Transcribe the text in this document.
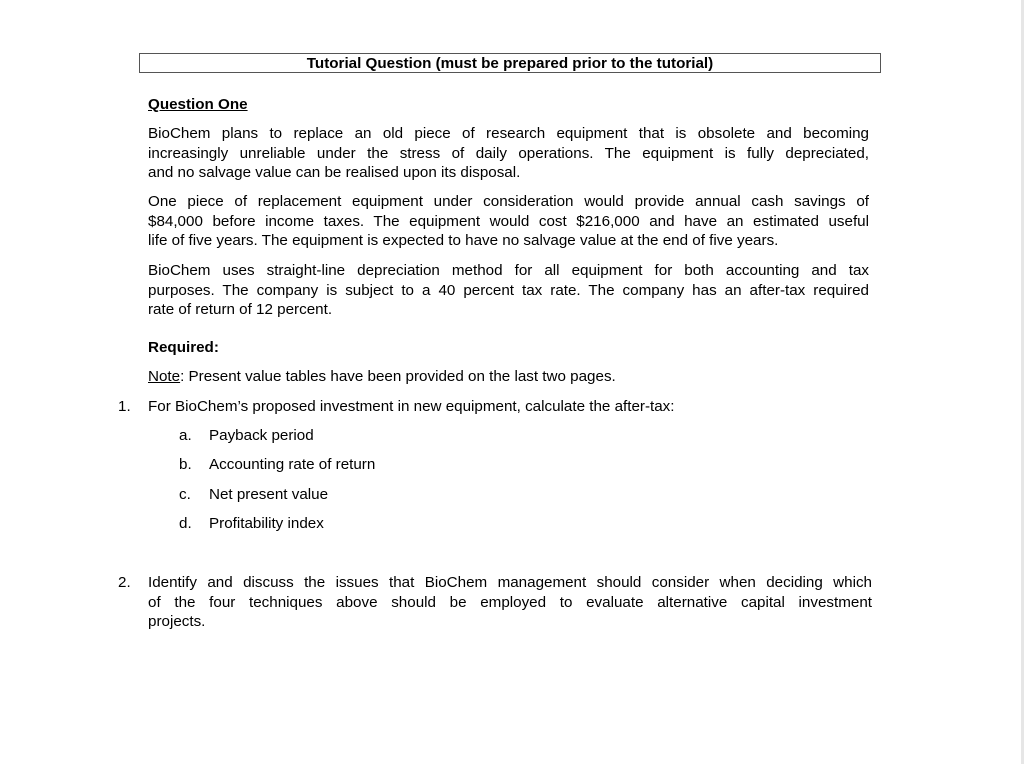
Tutorial Question (must be prepared prior to the tutorial)
Question One
BioChem plans to replace an old piece of research equipment that is obsolete and becoming
increasingly unreliable under the stress of daily operations. The equipment is fully depreciated,
and no salvage value can be realised upon its disposal.
One piece of replacement equipment under consideration would provide annual cash savings of
$84,000 before income taxes. The equipment would cost $216,000 and have an estimated useful
life of five years. The equipment is expected to have no salvage value at the end of five years.
BioChem uses straight-line depreciation method for all equipment for both accounting and tax
purposes. The company is subject to a 40 percent tax rate. The company has an after-tax required
rate of return of 12 percent.
Required:
Note: Present value tables have been provided on the last two pages.
1. For BioChem’s proposed investment in new equipment, calculate the after-tax:
a. Payback period
b. Accounting rate of return
c. Net present value
d. Profitability index
2. Identify and discuss the issues that BioChem management should consider when deciding which
of the four techniques above should be employed to evaluate alternative capital investment
projects.
